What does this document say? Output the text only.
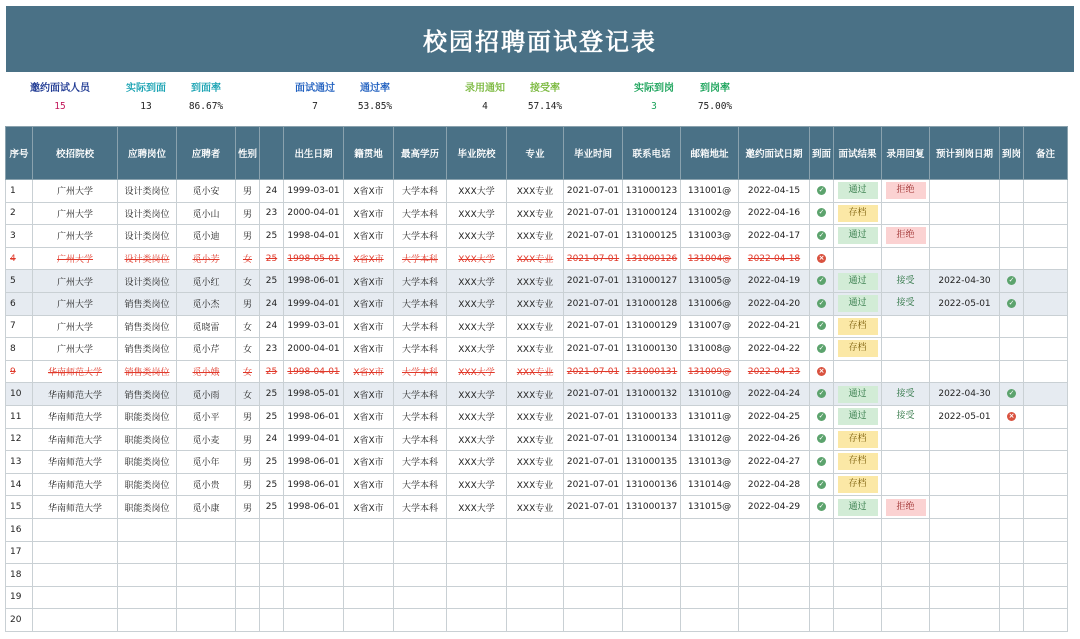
校园招聘面试登记表
邀约面试人员
15
实际到面
13
到面率
86.67%
面试通过
7
通过率
53.85%
录用通知
4
接受率
57.14%
实际到岗
3
到岗率
75.00%
序号	校招院校	应聘岗位	应聘者	性别		出生日期	籍贯地	最高学历	毕业院校	专业	毕业时间	联系电话	邮箱地址	邀约面试日期	到面	面试结果	录用回复	预计到岗日期	到岗	备注
1	广州大学	设计类岗位	觅小安	男	24	1999-03-01	X省X市	大学本科	XXX大学	XXX专业	2021-07-01	131000123	131001@	2022-04-15	✓	通过	拒绝			
2	广州大学	设计类岗位	觅小山	男	23	2000-04-01	X省X市	大学本科	XXX大学	XXX专业	2021-07-01	131000124	131002@	2022-04-16	✓	存档				
3	广州大学	设计类岗位	觅小迪	男	25	1998-04-01	X省X市	大学本科	XXX大学	XXX专业	2021-07-01	131000125	131003@	2022-04-17	✓	通过	拒绝			
4	广州大学	设计类岗位	觅小芳	女	25	1998-05-01	X省X市	大学本科	XXX大学	XXX专业	2021-07-01	131000126	131004@	2022-04-18	×					
5	广州大学	设计类岗位	觅小红	女	25	1998-06-01	X省X市	大学本科	XXX大学	XXX专业	2021-07-01	131000127	131005@	2022-04-19	✓	通过	接受	2022-04-30	✓	
6	广州大学	销售类岗位	觅小杰	男	24	1999-04-01	X省X市	大学本科	XXX大学	XXX专业	2021-07-01	131000128	131006@	2022-04-20	✓	通过	接受	2022-05-01	✓	
7	广州大学	销售类岗位	觅晓雷	女	24	1999-03-01	X省X市	大学本科	XXX大学	XXX专业	2021-07-01	131000129	131007@	2022-04-21	✓	存档				
8	广州大学	销售类岗位	觅小芹	女	23	2000-04-01	X省X市	大学本科	XXX大学	XXX专业	2021-07-01	131000130	131008@	2022-04-22	✓	存档				
9	华南师范大学	销售类岗位	觅小娥	女	25	1998-04-01	X省X市	大学本科	XXX大学	XXX专业	2021-07-01	131000131	131009@	2022-04-23	×					
10	华南师范大学	销售类岗位	觅小雨	女	25	1998-05-01	X省X市	大学本科	XXX大学	XXX专业	2021-07-01	131000132	131010@	2022-04-24	✓	通过	接受	2022-04-30	✓	
11	华南师范大学	职能类岗位	觅小平	男	25	1998-06-01	X省X市	大学本科	XXX大学	XXX专业	2021-07-01	131000133	131011@	2022-04-25	✓	通过	接受	2022-05-01	×	
12	华南师范大学	职能类岗位	觅小麦	男	24	1999-04-01	X省X市	大学本科	XXX大学	XXX专业	2021-07-01	131000134	131012@	2022-04-26	✓	存档				
13	华南师范大学	职能类岗位	觅小年	男	25	1998-06-01	X省X市	大学本科	XXX大学	XXX专业	2021-07-01	131000135	131013@	2022-04-27	✓	存档				
14	华南师范大学	职能类岗位	觅小贵	男	25	1998-06-01	X省X市	大学本科	XXX大学	XXX专业	2021-07-01	131000136	131014@	2022-04-28	✓	存档				
15	华南师范大学	职能类岗位	觅小康	男	25	1998-06-01	X省X市	大学本科	XXX大学	XXX专业	2021-07-01	131000137	131015@	2022-04-29	✓	通过	拒绝			
16																				
17																				
18																				
19																				
20																				
